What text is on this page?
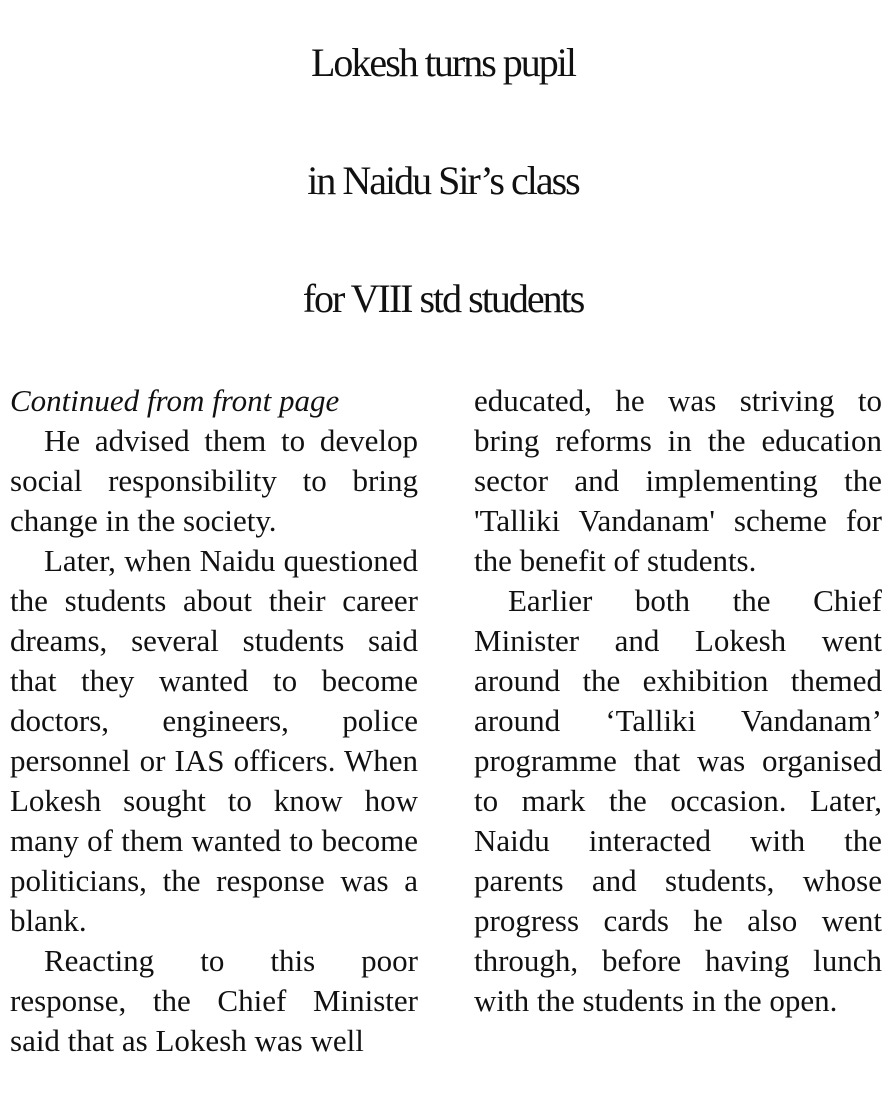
Lokesh turns pupil
in Naidu Sir’s class
for VIII std students

Continued from front page

He advised them to develop social responsibility to bring change in the society.

Later, when Naidu questioned the students about their career dreams, several students said that they wanted to become doctors, engineers, police personnel or IAS officers. When Lokesh sought to know how many of them wanted to become politicians, the response was a blank.

Reacting to this poor response, the Chief Minister said that as Lokesh was well

educated, he was striving to bring reforms in the education sector and implementing the 'Talliki Vandanam' scheme for the benefit of students.

Earlier both the Chief Minister and Lokesh went around the exhibition themed around ‘Talliki Vandanam’ programme that was organised to mark the occasion. Later, Naidu interacted with the parents and students, whose progress cards he also went through, before having lunch with the students in the open.
